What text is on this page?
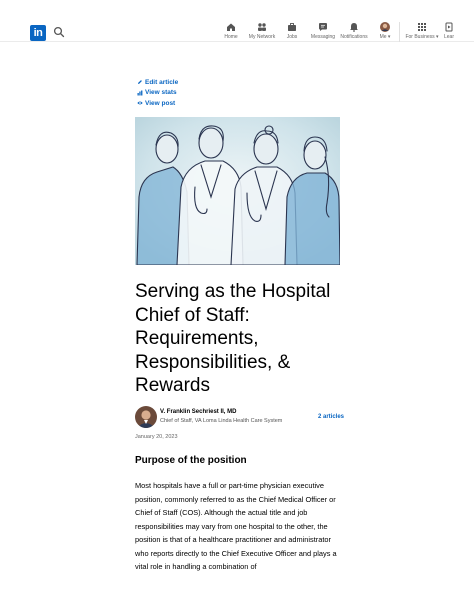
in	Home	My Network	Jobs	Messaging Notifications	Me ▾	For Business ▾	Lear
Edit article
View stats
View post
Serving as the Hospital Chief of Staff: Requirements, Responsibilities, & Rewards
V. Franklin Sechriest II, MD
Chief of Staff, VA Loma Linda Health Care System
2 articles
January 20, 2023
Purpose of the position

Most hospitals have a full or part-time physician executive position, commonly referred to as the Chief Medical Officer or Chief of Staff (COS). Although the actual title and job responsibilities may vary from one hospital to the other, the position is that of a healthcare practitioner and administrator who reports directly to the Chief Executive Officer and plays a vital role in handling a combination of
